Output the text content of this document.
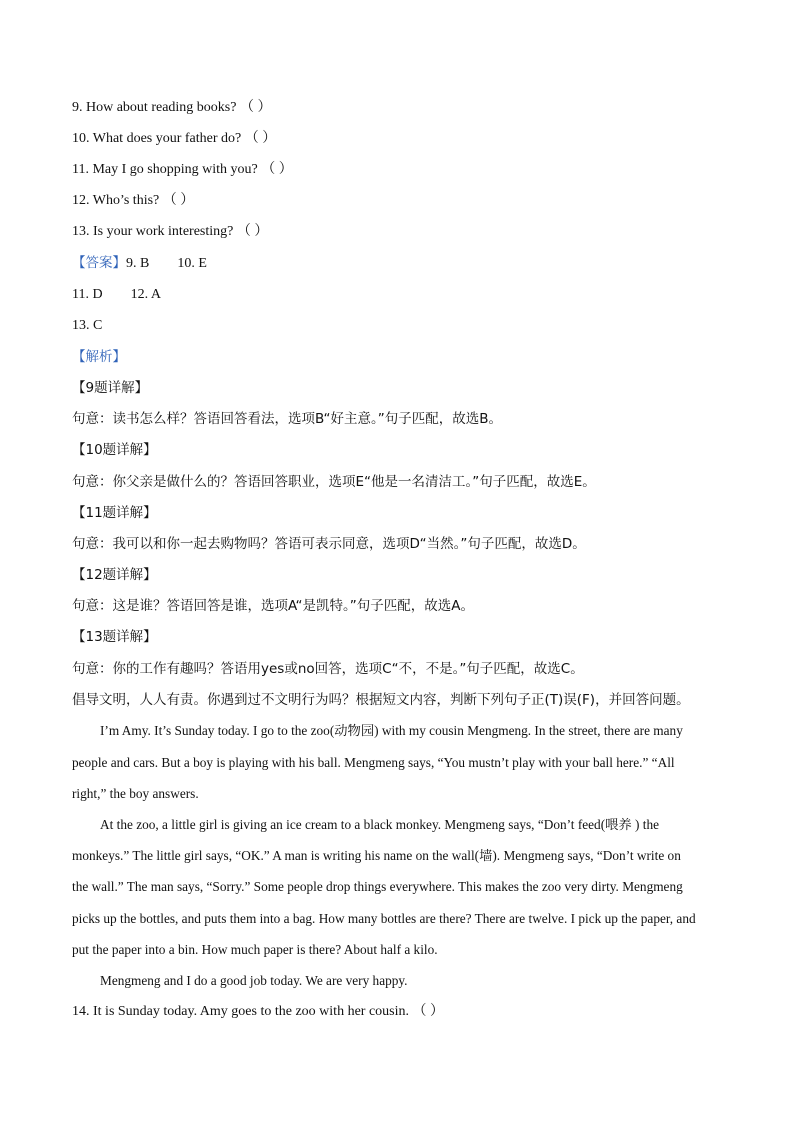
9. How about reading books? （ ）
10. What does your father do? （ ）
11. May I go shopping with you? （ ）
12. Who’s this? （ ）
13. Is your work interesting? （ ）
【答案】9. B        10. E
11. D        12. A
13. C
【解析】
【9题详解】
句意：读书怎么样？答语回答看法，选项B“好主意。”句子匹配，故选B。
【10题详解】
句意：你父亲是做什么的？答语回答职业，选项E“他是一名清洁工。”句子匹配，故选E。
【11题详解】
句意：我可以和你一起去购物吗？答语可表示同意，选项D“当然。”句子匹配，故选D。
【12题详解】
句意：这是谁？答语回答是谁，选项A“是凯特。”句子匹配，故选A。
【13题详解】
句意：你的工作有趣吗？答语用yes或no回答，选项C“不，不是。”句子匹配，故选C。
倡导文明，人人有责。你遇到过不文明行为吗？根据短文内容，判断下列句子正(T)误(F)，并回答问题。
I’m Amy. It’s Sunday today. I go to the zoo(动物园) with my cousin Mengmeng. In the street, there are many
people and cars. But a boy is playing with his ball. Mengmeng says, “You mustn’t play with your ball here.” “All
right,” the boy answers.
At the zoo, a little girl is giving an ice cream to a black monkey. Mengmeng says, “Don’t feed(喂养 ) the
monkeys.” The little girl says, “OK.” A man is writing his name on the wall(墙). Mengmeng says, “Don’t write on
the wall.” The man says, “Sorry.” Some people drop things everywhere. This makes the zoo very dirty. Mengmeng
picks up the bottles, and puts them into a bag. How many bottles are there? There are twelve. I pick up the paper, and
put the paper into a bin. How much paper is there? About half a kilo.
Mengmeng and I do a good job today. We are very happy.
14. It is Sunday today. Amy goes to the zoo with her cousin. （ ）
